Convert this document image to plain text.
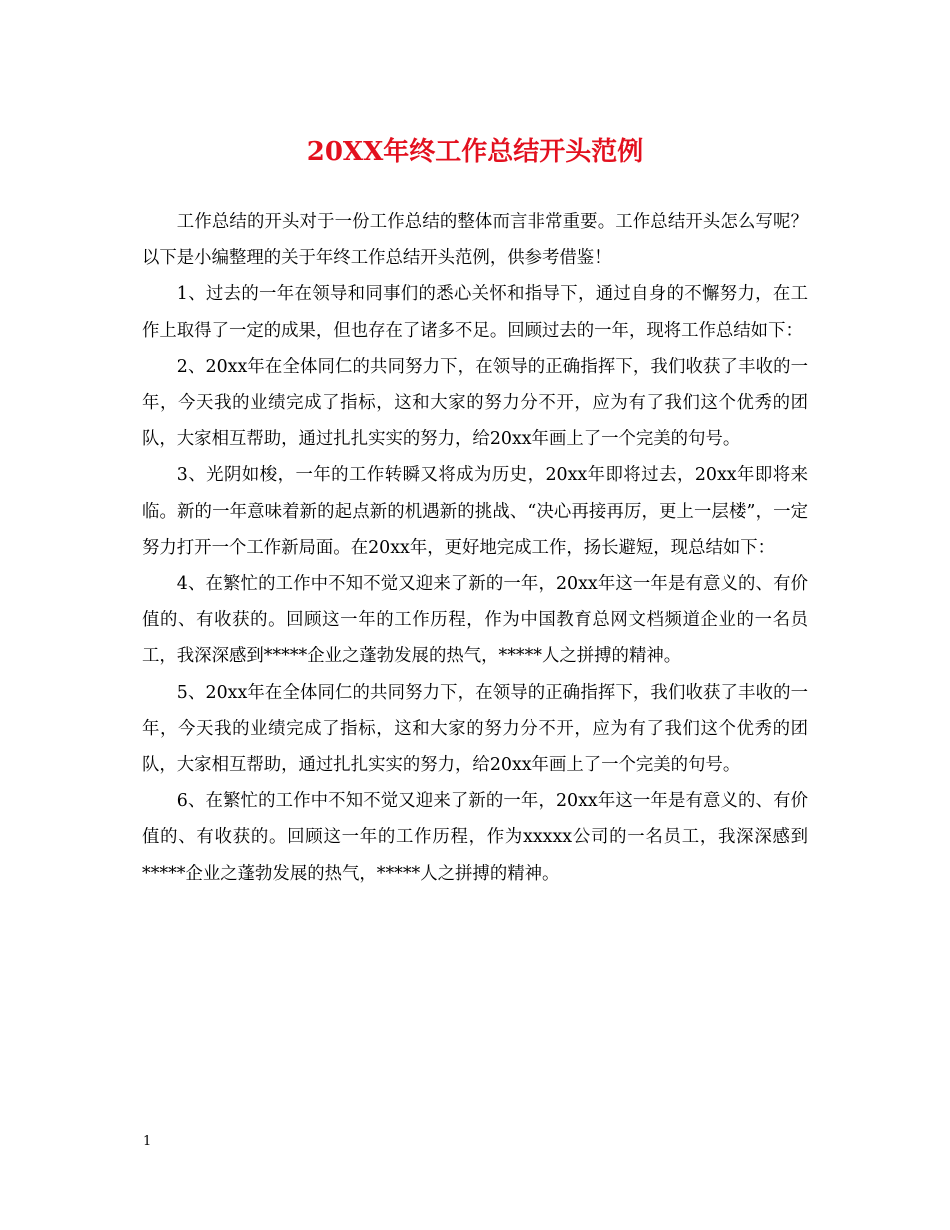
20XX年终工作总结开头范例

工作总结的开头对于一份工作总结的整体而言非常重要。工作总结开头怎么写呢？以下是小编整理的关于年终工作总结开头范例，供参考借鉴！

1、过去的一年在领导和同事们的悉心关怀和指导下，通过自身的不懈努力，在工作上取得了一定的成果，但也存在了诸多不足。回顾过去的一年，现将工作总结如下：

2、20xx年在全体同仁的共同努力下，在领导的正确指挥下，我们收获了丰收的一年，今天我的业绩完成了指标，这和大家的努力分不开，应为有了我们这个优秀的团队，大家相互帮助，通过扎扎实实的努力，给20xx年画上了一个完美的句号。

3、光阴如梭，一年的工作转瞬又将成为历史，20xx年即将过去，20xx年即将来临。新的一年意味着新的起点新的机遇新的挑战、“决心再接再厉，更上一层楼”，一定努力打开一个工作新局面。在20xx年，更好地完成工作，扬长避短，现总结如下：

4、在繁忙的工作中不知不觉又迎来了新的一年，20xx年这一年是有意义的、有价值的、有收获的。回顾这一年的工作历程，作为中国教育总网文档频道企业的一名员工，我深深感到*****企业之蓬勃发展的热气，*****人之拼搏的精神。

5、20xx年在全体同仁的共同努力下，在领导的正确指挥下，我们收获了丰收的一年，今天我的业绩完成了指标，这和大家的努力分不开，应为有了我们这个优秀的团队，大家相互帮助，通过扎扎实实的努力，给20xx年画上了一个完美的句号。

6、在繁忙的工作中不知不觉又迎来了新的一年，20xx年这一年是有意义的、有价值的、有收获的。回顾这一年的工作历程，作为xxxxx公司的一名员工，我深深感到*****企业之蓬勃发展的热气，*****人之拼搏的精神。

1
